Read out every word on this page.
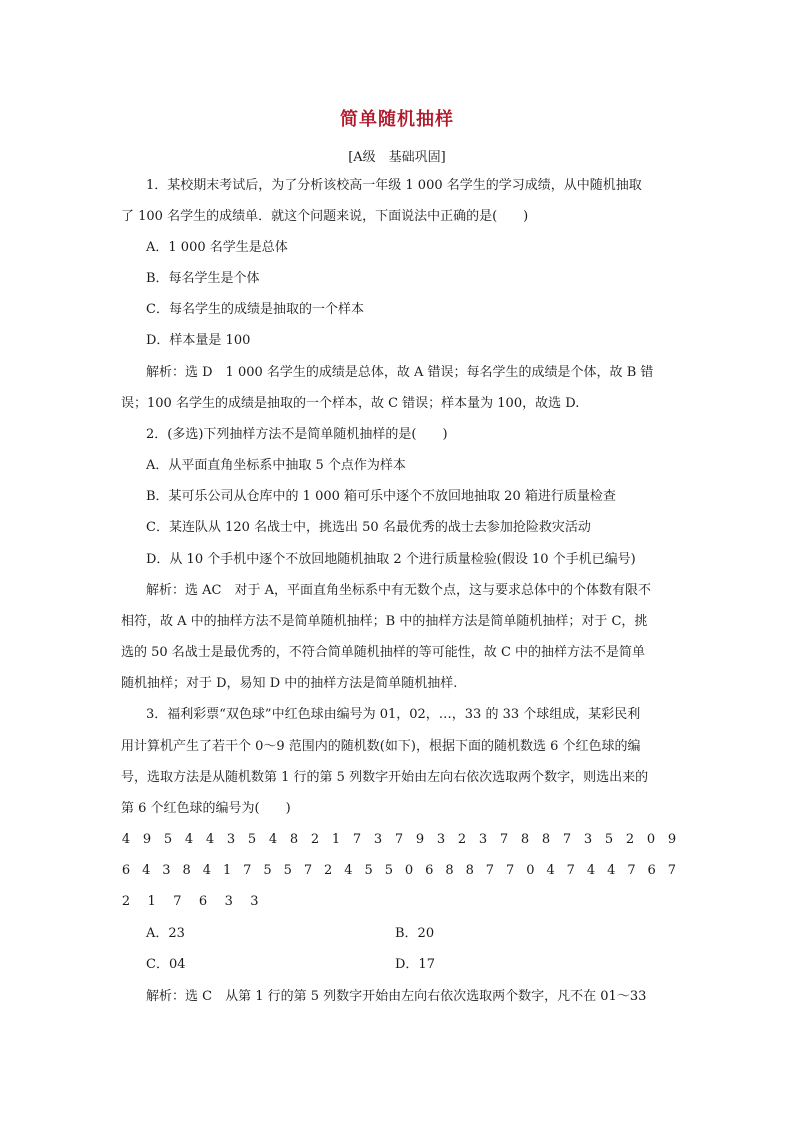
简单随机抽样
[A级　基础巩固]
1．某校期末考试后，为了分析该校高一年级 1 000 名学生的学习成绩，从中随机抽取
了 100 名学生的成绩单．就这个问题来说，下面说法中正确的是(　　)
A．1 000 名学生是总体
B．每名学生是个体
C．每名学生的成绩是抽取的一个样本
D．样本量是 100
解析：选 D　1 000 名学生的成绩是总体，故 A 错误；每名学生的成绩是个体，故 B 错
误；100 名学生的成绩是抽取的一个样本，故 C 错误；样本量为 100，故选 D.
2．(多选)下列抽样方法不是简单随机抽样的是(　　)
A．从平面直角坐标系中抽取 5 个点作为样本
B．某可乐公司从仓库中的 1 000 箱可乐中逐个不放回地抽取 20 箱进行质量检查
C．某连队从 120 名战士中，挑选出 50 名最优秀的战士去参加抢险救灾活动
D．从 10 个手机中逐个不放回地随机抽取 2 个进行质量检验(假设 10 个手机已编号)
解析：选 AC　对于 A，平面直角坐标系中有无数个点，这与要求总体中的个体数有限不
相符，故 A 中的抽样方法不是简单随机抽样；B 中的抽样方法是简单随机抽样；对于 C，挑
选的 50 名战士是最优秀的，不符合简单随机抽样的等可能性，故 C 中的抽样方法不是简单
随机抽样；对于 D，易知 D 中的抽样方法是简单随机抽样.
3．福利彩票“双色球”中红色球由编号为 01，02，…，33 的 33 个球组成，某彩民利
用计算机产生了若干个 0～9 范围内的随机数(如下)，根据下面的随机数选 6 个红色球的编
号，选取方法是从随机数第 1 行的第 5 列数字开始由左向右依次选取两个数字，则选出来的
第 6 个红色球的编号为(　　)
4 9 5 4 4 3 5 4 8 2 1 7 3 7 9 3 2 3 7 8 8 7 3 5 2 0 9
6 4 3 8 4 1 7 5 5 7 2 4 5 5 0 6 8 8 7 7 0 4 7 4 4 7 6 7
2 1 7 6 3 3
A．23	B．20
C．04	D．17
解析：选 C　从第 1 行的第 5 列数字开始由左向右依次选取两个数字，凡不在 01～33
